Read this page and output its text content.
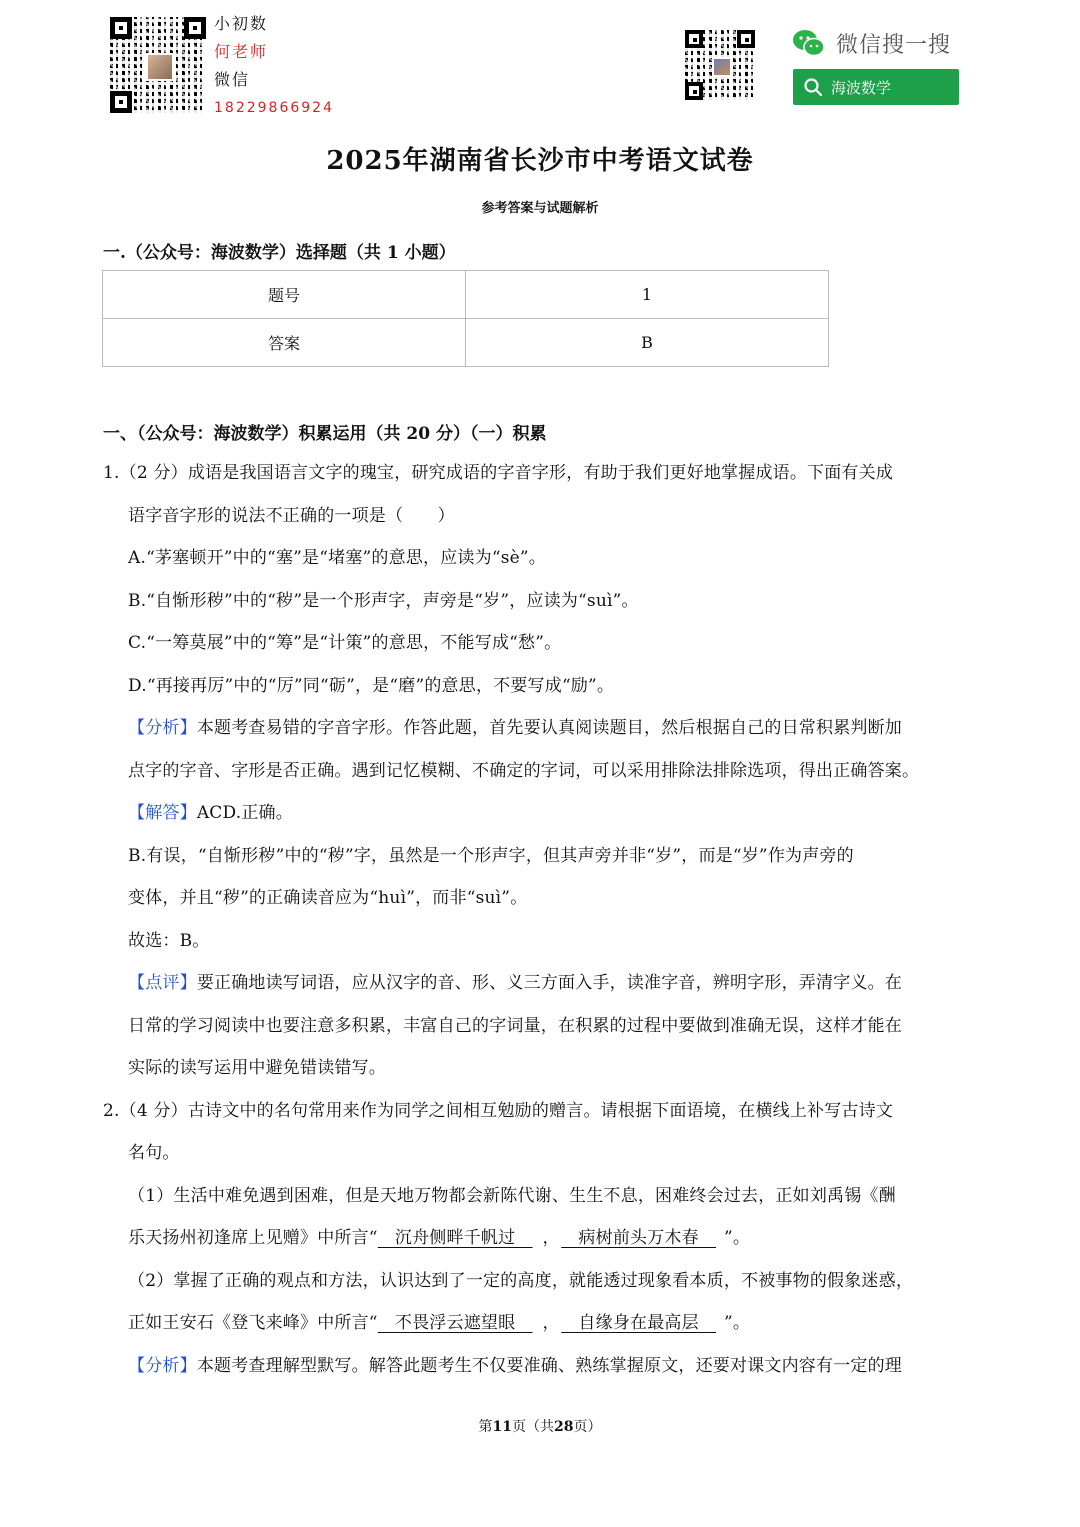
小初数
何老师
微信
18229866924
微信搜一搜
海波数学
2025年湖南省长沙市中考语文试卷
参考答案与试题解析
一.（公众号：海波数学）选择题（共 1 小题）
题号	1
答案	B
一、（公众号：海波数学）积累运用（共 20 分）（一）积累

1.（2 分）成语是我国语言文字的瑰宝，研究成语的字音字形，有助于我们更好地掌握成语。下面有关成

语字音字形的说法不正确的一项是（　　）

A.“茅塞顿开”中的“塞”是“堵塞”的意思，应读为“sè”。

B.“自惭形秽”中的“秽”是一个形声字，声旁是“岁”，应读为“suì”。

C.“一筹莫展”中的“筹”是“计策”的意思，不能写成“愁”。

D.“再接再厉”中的“厉”同“砺”，是“磨”的意思，不要写成“励”。

【分析】本题考查易错的字音字形。作答此题，首先要认真阅读题目，然后根据自己的日常积累判断加

点字的字音、字形是否正确。遇到记忆模糊、不确定的字词，可以采用排除法排除选项，得出正确答案。

【解答】ACD.正确。

B.有误，“自惭形秽”中的“秽”字，虽然是一个形声字，但其声旁并非“岁”，而是“岁”作为声旁的

变体，并且“秽”的正确读音应为“huì”，而非“suì”。

故选：B。

【点评】要正确地读写词语，应从汉字的音、形、义三方面入手，读准字音，辨明字形，弄清字义。在

日常的学习阅读中也要注意多积累，丰富自己的字词量，在积累的过程中要做到准确无误，这样才能在

实际的读写运用中避免错读错写。

2.（4 分）古诗文中的名句常用来作为同学之间相互勉励的赠言。请根据下面语境，在横线上补写古诗文

名句。

（1）生活中难免遇到困难，但是天地万物都会新陈代谢、生生不息，困难终会过去，正如刘禹锡《酬

乐天扬州初逢席上见赠》中所言“　沉舟侧畔千帆过　，　病树前头万木春　”。

（2）掌握了正确的观点和方法，认识达到了一定的高度，就能透过现象看本质，不被事物的假象迷惑，

正如王安石《登飞来峰》中所言“　不畏浮云遮望眼　，　自缘身在最高层　”。

【分析】本题考查理解型默写。解答此题考生不仅要准确、熟练掌握原文，还要对课文内容有一定的理

第11页（共28页）
